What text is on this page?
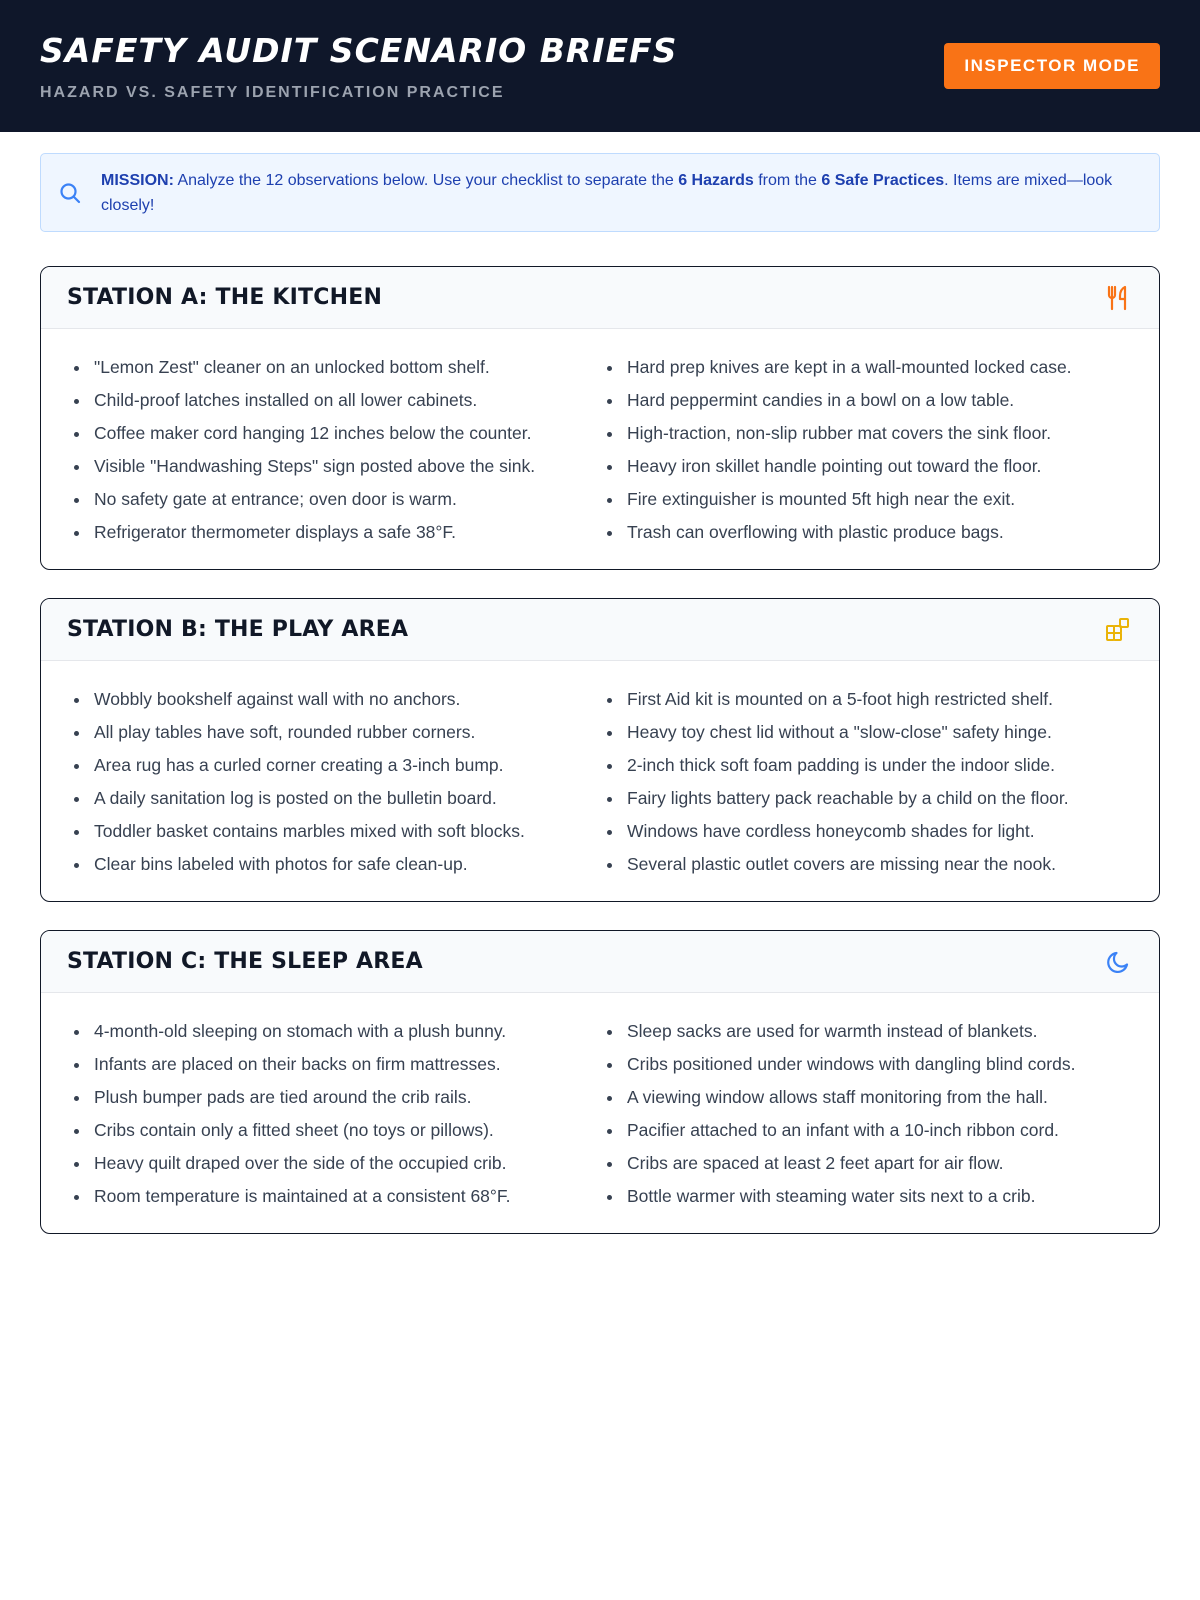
SAFETY AUDIT SCENARIO BRIEFS
HAZARD VS. SAFETY IDENTIFICATION PRACTICE
INSPECTOR MODE
MISSION: Analyze the 12 observations below. Use your checklist to separate the 6 Hazards from the 6 Safe Practices. Items are mixed—look closely!
STATION A: THE KITCHEN
"Lemon Zest" cleaner on an unlocked bottom shelf.
Child-proof latches installed on all lower cabinets.
Coffee maker cord hanging 12 inches below the counter.
Visible "Handwashing Steps" sign posted above the sink.
No safety gate at entrance; oven door is warm.
Refrigerator thermometer displays a safe 38°F.
Hard prep knives are kept in a wall-mounted locked case.
Hard peppermint candies in a bowl on a low table.
High-traction, non-slip rubber mat covers the sink floor.
Heavy iron skillet handle pointing out toward the floor.
Fire extinguisher is mounted 5ft high near the exit.
Trash can overflowing with plastic produce bags.
STATION B: THE PLAY AREA
Wobbly bookshelf against wall with no anchors.
All play tables have soft, rounded rubber corners.
Area rug has a curled corner creating a 3-inch bump.
A daily sanitation log is posted on the bulletin board.
Toddler basket contains marbles mixed with soft blocks.
Clear bins labeled with photos for safe clean-up.
First Aid kit is mounted on a 5-foot high restricted shelf.
Heavy toy chest lid without a "slow-close" safety hinge.
2-inch thick soft foam padding is under the indoor slide.
Fairy lights battery pack reachable by a child on the floor.
Windows have cordless honeycomb shades for light.
Several plastic outlet covers are missing near the nook.
STATION C: THE SLEEP AREA
4-month-old sleeping on stomach with a plush bunny.
Infants are placed on their backs on firm mattresses.
Plush bumper pads are tied around the crib rails.
Cribs contain only a fitted sheet (no toys or pillows).
Heavy quilt draped over the side of the occupied crib.
Room temperature is maintained at a consistent 68°F.
Sleep sacks are used for warmth instead of blankets.
Cribs positioned under windows with dangling blind cords.
A viewing window allows staff monitoring from the hall.
Pacifier attached to an infant with a 10-inch ribbon cord.
Cribs are spaced at least 2 feet apart for air flow.
Bottle warmer with steaming water sits next to a crib.
